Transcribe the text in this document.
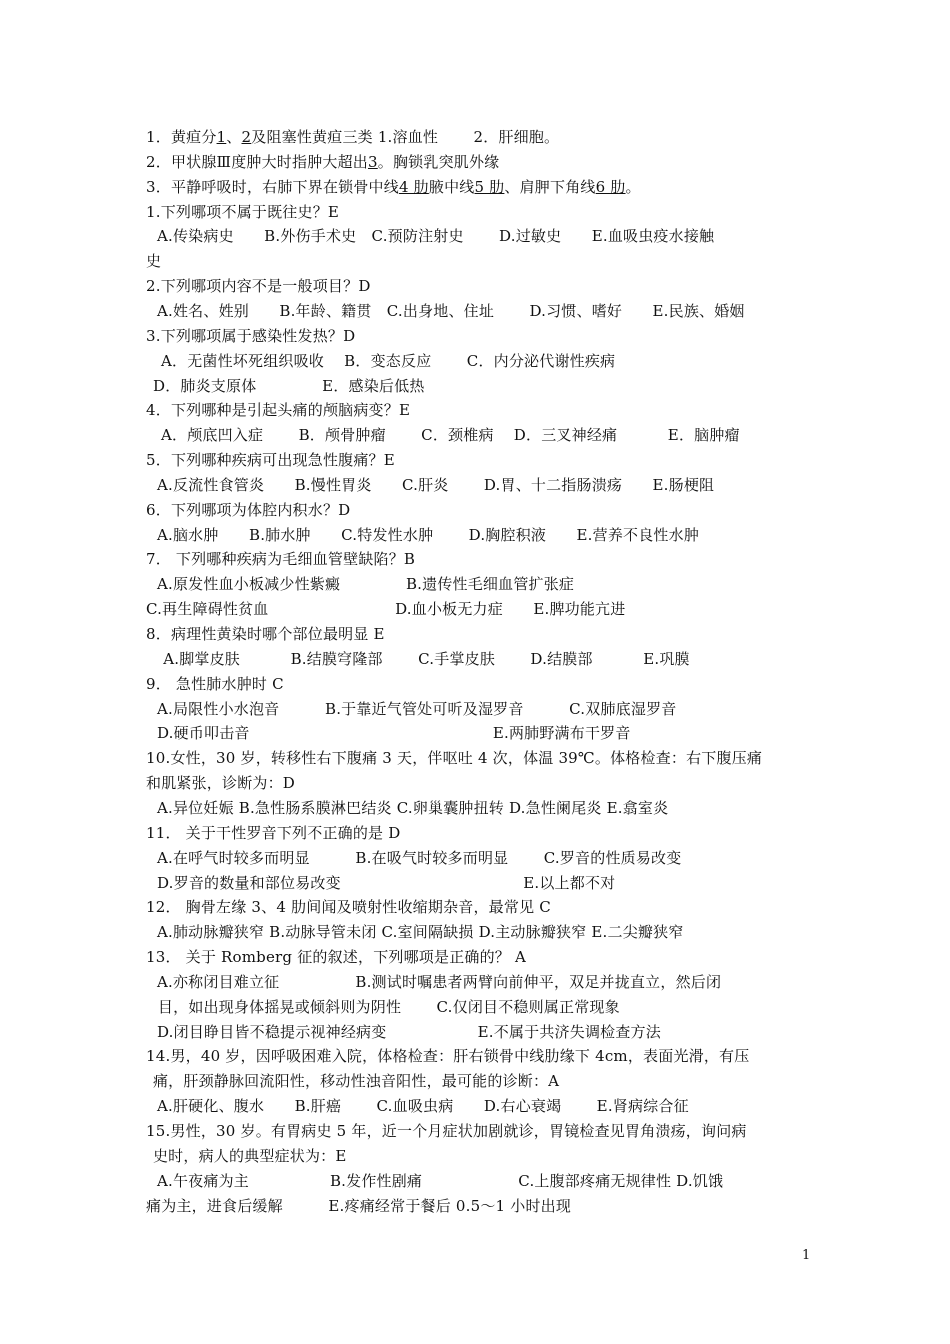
1．黄疸分1、2及阻塞性黄疸三类 1.溶血性　　 2．肝细胞。
2．甲状腺Ⅲ度肿大时指肿大超出3。胸锁乳突肌外缘
3．平静呼吸时，右肺下界在锁骨中线4 肋腋中线5 肋、肩胛下角线6 肋。
1.下列哪项不属于既往史？E
A.传染病史　　B.外伤手术史　C.预防注射史　　 D.过敏史　　E.血吸虫疫水接触
史
2.下列哪项内容不是一般项目？D
A.姓名、姓别　　B.年龄、籍贯　C.出身地、住址　　 D.习惯、嗜好　　E.民族、婚姻
3.下列哪项属于感染性发热？D
A．无菌性坏死组织吸收　 B．变态反应　　 C．内分泌代谢性疾病
D．肺炎支原体　　　　 E．感染后低热
4．下列哪种是引起头痛的颅脑病变？E
A．颅底凹入症　　 B．颅骨肿瘤　　 C．颈椎病　 D．三叉神经痛　　　 E．脑肿瘤
5．下列哪种疾病可出现急性腹痛？E
A.反流性食管炎　　B.慢性胃炎　　C.肝炎　　 D.胃、十二指肠溃疡　　E.肠梗阻
6．下列哪项为体腔内积水？D
A.脑水肿　　B.肺水肿　　C.特发性水肿　　 D.胸腔积液　　E.营养不良性水肿
7． 下列哪种疾病为毛细血管壁缺陷？B
A.原发性血小板减少性紫癜　　　　 B.遗传性毛细血管扩张症
C.再生障碍性贫血　　　　　　　　 D.血小板无力症　　E.脾功能亢进
8．病理性黄染时哪个部位最明显 E
　A.脚掌皮肤　　　 B.结膜穹隆部　　 C.手掌皮肤　　 D.结膜部　　　 E.巩膜
9． 急性肺水肿时 C
A.局限性小水泡音　　　B.于靠近气管处可听及湿罗音　　　C.双肺底湿罗音
D.硬币叩击音　　　　　　　　　　　　　　　　E.两肺野满布干罗音
10.女性，30 岁，转移性右下腹痛 3 天，伴呕吐 4 次，体温 39℃。体格检查：右下腹压痛
和肌紧张，诊断为：D
A.异位妊娠 B.急性肠系膜淋巴结炎 C.卵巢囊肿扭转 D.急性阑尾炎 E.翕室炎
11． 关于干性罗音下列不正确的是 D
A.在呼气时较多而明显　　　B.在吸气时较多而明显　　 C.罗音的性质易改变
D.罗音的数量和部位易改变　　　　　　　　　　　　E.以上都不对
12． 胸骨左缘 3、4 肋间闻及喷射性收缩期杂音，最常见 C
A.肺动脉瓣狭窄 B.动脉导管未闭 C.室间隔缺损 D.主动脉瓣狭窄 E.二尖瓣狭窄
13． 关于 Romberg 征的叙述，下列哪项是正确的？ A
A.亦称闭目难立征　　　　　B.测试时嘱患者两臂向前伸平，双足并拢直立，然后闭
目，如出现身体摇晃或倾斜则为阴性　　 C.仅闭目不稳则属正常现象
D.闭目睁目皆不稳提示视神经病变　　　　　　E.不属于共济失调检查方法
14.男，40 岁，因呼吸困难入院，体格检查：肝右锁骨中线肋缘下 4cm，表面光滑，有压
痛，肝颈静脉回流阳性，移动性浊音阳性，最可能的诊断：A
A.肝硬化、腹水　　B.肝癌　　 C.血吸虫病　　D.右心衰竭　　 E.肾病综合征
15.男性，30 岁。有胃病史 5 年，近一个月症状加剧就诊，胃镜检查见胃角溃疡，询问病
史时，病人的典型症状为：E
A.午夜痛为主　　　　　 B.发作性剧痛　　　　　　 C.上腹部疼痛无规律性 D.饥饿
痛为主，进食后缓解　　　E.疼痛经常于餐后 0.5～1 小时出现
1
